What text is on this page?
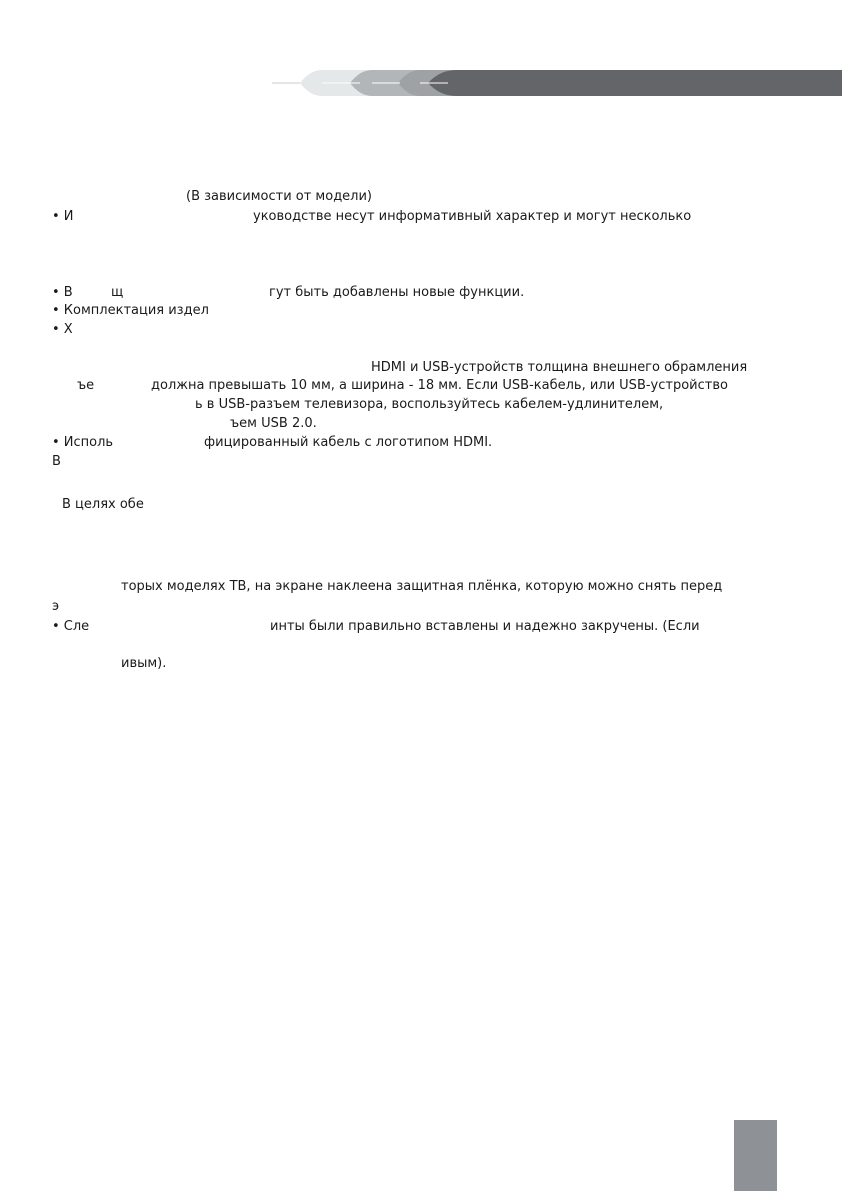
(В зависимости от модели)
• И	уководстве несут информативный характер и могут несколько
• В	щ	гут быть добавлены новые функции.
• Комплектация издел
• Х
HDMI и USB-устройств толщина внешнего обрамления
ъе	должна превышать 10 мм, а ширина - 18 мм. Если USB-кабель, или USB-устройство
ь в USB-разъем телевизора, воспользуйтесь кабелем-удлинителем,
ъем USB 2.0.
• Исполь	фицированный кабель с логотипом HDMI.
В
В целях обе
торых моделях ТВ, на экране наклеена защитная плёнка, которую можно снять перед
э
• Сле	инты были правильно вставлены и надежно закручены. (Если
ивым).
